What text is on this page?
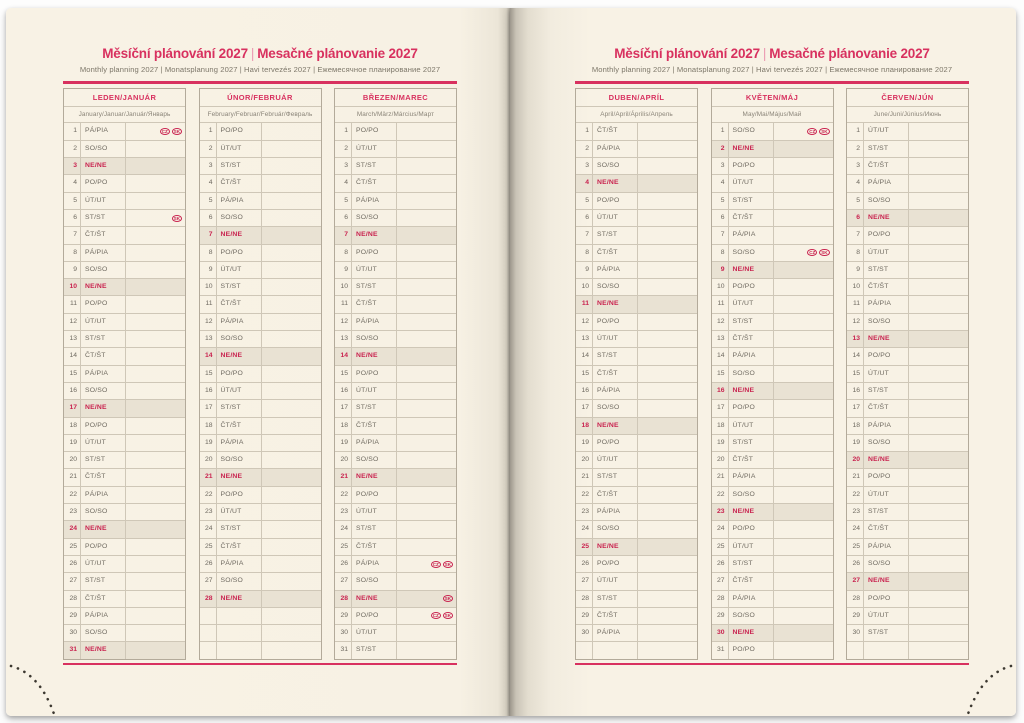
Měsíční plánování 2027 | Mesačné plánovanie 2027
Monthly planning 2027 | Monatsplanung 2027 | Havi tervezés 2027 | Ежемесячное планирование 2027
LEDEN/JANUÁR
January/Januar/Január/Январь
1	PÁ/PIA	CZ	SK
2	SO/SO
3	NE/NE
4	PO/PO
5	ÚT/UT
6	ST/ST	SK
7	ČT/ŠT
8	PÁ/PIA
9	SO/SO
10	NE/NE
11	PO/PO
12	ÚT/UT
13	ST/ST
14	ČT/ŠT
15	PÁ/PIA
16	SO/SO
17	NE/NE
18	PO/PO
19	ÚT/UT
20	ST/ST
21	ČT/ŠT
22	PÁ/PIA
23	SO/SO
24	NE/NE
25	PO/PO
26	ÚT/UT
27	ST/ST
28	ČT/ŠT
29	PÁ/PIA
30	SO/SO
31	NE/NE
ÚNOR/FEBRUÁR
February/Februar/Február/Февраль
1	PO/PO
2	ÚT/UT
3	ST/ST
4	ČT/ŠT
5	PÁ/PIA
6	SO/SO
7	NE/NE
8	PO/PO
9	ÚT/UT
10	ST/ST
11	ČT/ŠT
12	PÁ/PIA
13	SO/SO
14	NE/NE
15	PO/PO
16	ÚT/UT
17	ST/ST
18	ČT/ŠT
19	PÁ/PIA
20	SO/SO
21	NE/NE
22	PO/PO
23	ÚT/UT
24	ST/ST
25	ČT/ŠT
26	PÁ/PIA
27	SO/SO
28	NE/NE
BŘEZEN/MAREC
March/März/Március/Март
1	PO/PO
2	ÚT/UT
3	ST/ST
4	ČT/ŠT
5	PÁ/PIA
6	SO/SO
7	NE/NE
8	PO/PO
9	ÚT/UT
10	ST/ST
11	ČT/ŠT
12	PÁ/PIA
13	SO/SO
14	NE/NE
15	PO/PO
16	ÚT/UT
17	ST/ST
18	ČT/ŠT
19	PÁ/PIA
20	SO/SO
21	NE/NE
22	PO/PO
23	ÚT/UT
24	ST/ST
25	ČT/ŠT
26	PÁ/PIA	CZ	SK
27	SO/SO
28	NE/NE	SK
29	PO/PO	CZ	SK
30	ÚT/UT
31	ST/ST
Měsíční plánování 2027 | Mesačné plánovanie 2027
Monthly planning 2027 | Monatsplanung 2027 | Havi tervezés 2027 | Ежемесячное планирование 2027
DUBEN/APRÍL
April/April/Április/Апрель
1	ČT/ŠT
2	PÁ/PIA
3	SO/SO
4	NE/NE
5	PO/PO
6	ÚT/UT
7	ST/ST
8	ČT/ŠT
9	PÁ/PIA
10	SO/SO
11	NE/NE
12	PO/PO
13	ÚT/UT
14	ST/ST
15	ČT/ŠT
16	PÁ/PIA
17	SO/SO
18	NE/NE
19	PO/PO
20	ÚT/UT
21	ST/ST
22	ČT/ŠT
23	PÁ/PIA
24	SO/SO
25	NE/NE
26	PO/PO
27	ÚT/UT
28	ST/ST
29	ČT/ŠT
30	PÁ/PIA
KVĚTEN/MÁJ
May/Mai/Május/Май
1	SO/SO	CZ	SK
2	NE/NE
3	PO/PO
4	ÚT/UT
5	ST/ST
6	ČT/ŠT
7	PÁ/PIA
8	SO/SO	CZ	SK
9	NE/NE
10	PO/PO
11	ÚT/UT
12	ST/ST
13	ČT/ŠT
14	PÁ/PIA
15	SO/SO
16	NE/NE
17	PO/PO
18	ÚT/UT
19	ST/ST
20	ČT/ŠT
21	PÁ/PIA
22	SO/SO
23	NE/NE
24	PO/PO
25	ÚT/UT
26	ST/ST
27	ČT/ŠT
28	PÁ/PIA
29	SO/SO
30	NE/NE
31	PO/PO
ČERVEN/JÚN
June/Juni/Június/Июнь
1	ÚT/UT
2	ST/ST
3	ČT/ŠT
4	PÁ/PIA
5	SO/SO
6	NE/NE
7	PO/PO
8	ÚT/UT
9	ST/ST
10	ČT/ŠT
11	PÁ/PIA
12	SO/SO
13	NE/NE
14	PO/PO
15	ÚT/UT
16	ST/ST
17	ČT/ŠT
18	PÁ/PIA
19	SO/SO
20	NE/NE
21	PO/PO
22	ÚT/UT
23	ST/ST
24	ČT/ŠT
25	PÁ/PIA
26	SO/SO
27	NE/NE
28	PO/PO
29	ÚT/UT
30	ST/ST
